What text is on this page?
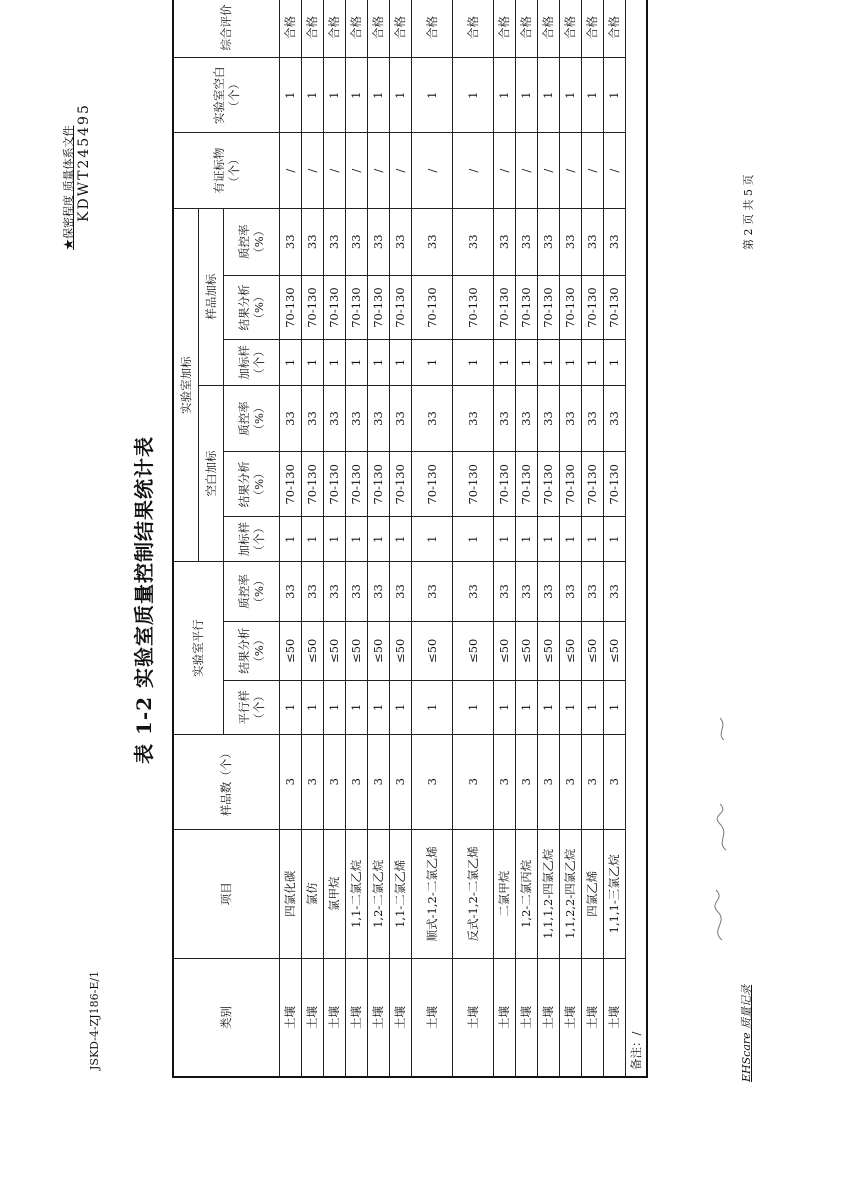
JSKD-4-ZJ186-E/1
★保密程度 质量体系文件 KDWT245495
表 1-2 实验室质量控制结果统计表
类别	项目	样品数（个）	实验室平行			实验室加标						有证标物（个）	实验室空白（个）	综合评价
						空白加标			样品加标					
			平行样（个）	结果分析（%）	质控率（%）	加标样（个）	结果分析（%）	质控率（%）	加标样（个）	结果分析（%）	质控率（%）			
土壤	四氯化碳	3	1	≤50	33	1	70-130	33	1	70-130	33	/	1	合格
土壤	氯仿	3	1	≤50	33	1	70-130	33	1	70-130	33	/	1	合格
土壤	氯甲烷	3	1	≤50	33	1	70-130	33	1	70-130	33	/	1	合格
土壤	1,1-二氯乙烷	3	1	≤50	33	1	70-130	33	1	70-130	33	/	1	合格
土壤	1,2-二氯乙烷	3	1	≤50	33	1	70-130	33	1	70-130	33	/	1	合格
土壤	1,1-二氯乙烯	3	1	≤50	33	1	70-130	33	1	70-130	33	/	1	合格
土壤	顺式-1,2-二氯乙烯	3	1	≤50	33	1	70-130	33	1	70-130	33	/	1	合格
土壤	反式-1,2-二氯乙烯	3	1	≤50	33	1	70-130	33	1	70-130	33	/	1	合格
土壤	二氯甲烷	3	1	≤50	33	1	70-130	33	1	70-130	33	/	1	合格
土壤	1,2-二氯丙烷	3	1	≤50	33	1	70-130	33	1	70-130	33	/	1	合格
土壤	1,1,1,2-四氯乙烷	3	1	≤50	33	1	70-130	33	1	70-130	33	/	1	合格
土壤	1,1,2,2-四氯乙烷	3	1	≤50	33	1	70-130	33	1	70-130	33	/	1	合格
土壤	四氯乙烯	3	1	≤50	33	1	70-130	33	1	70-130	33	/	1	合格
土壤	1,1,1-三氯乙烷	3	1	≤50	33	1	70-130	33	1	70-130	33	/	1	合格
备注：/															EHScare 质量记录
第 2 页 共 5 页
